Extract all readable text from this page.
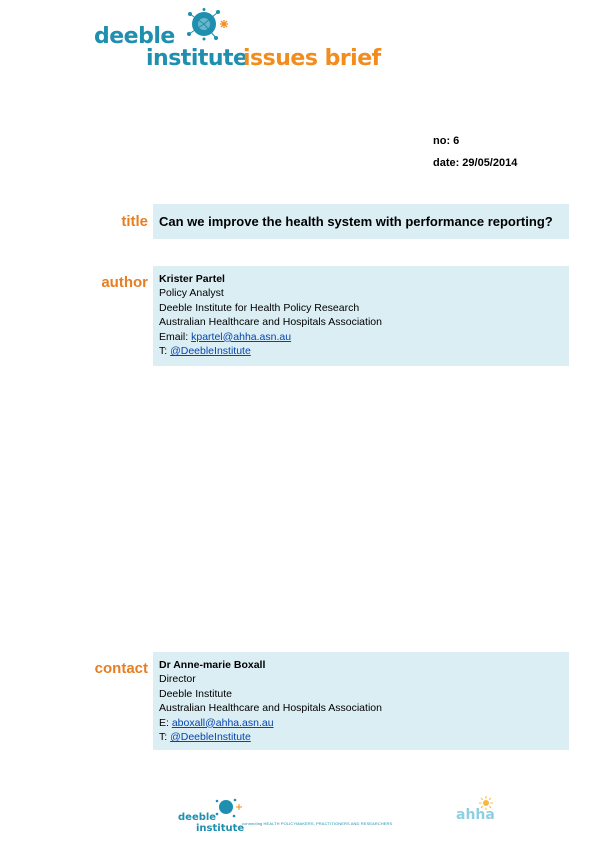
deeble
institute
issues brief
no: 6
date: 29/05/2014
title Can we improve the health system with performance reporting?
author Krister Partel
Policy Analyst
Deeble Institute for Health Policy Research
Australian Healthcare and Hospitals Association
Email: kpartel@ahha.asn.au
T: @DeebleInstitute
contact Dr Anne-marie Boxall
Director
Deeble Institute
Australian Healthcare and Hospitals Association
E: aboxall@ahha.asn.au
T: @DeebleInstitute
deeble
institute
connecting HEALTH POLICYMAKERS, PRACTITIONERS AND RESEARCHERS
ahha
